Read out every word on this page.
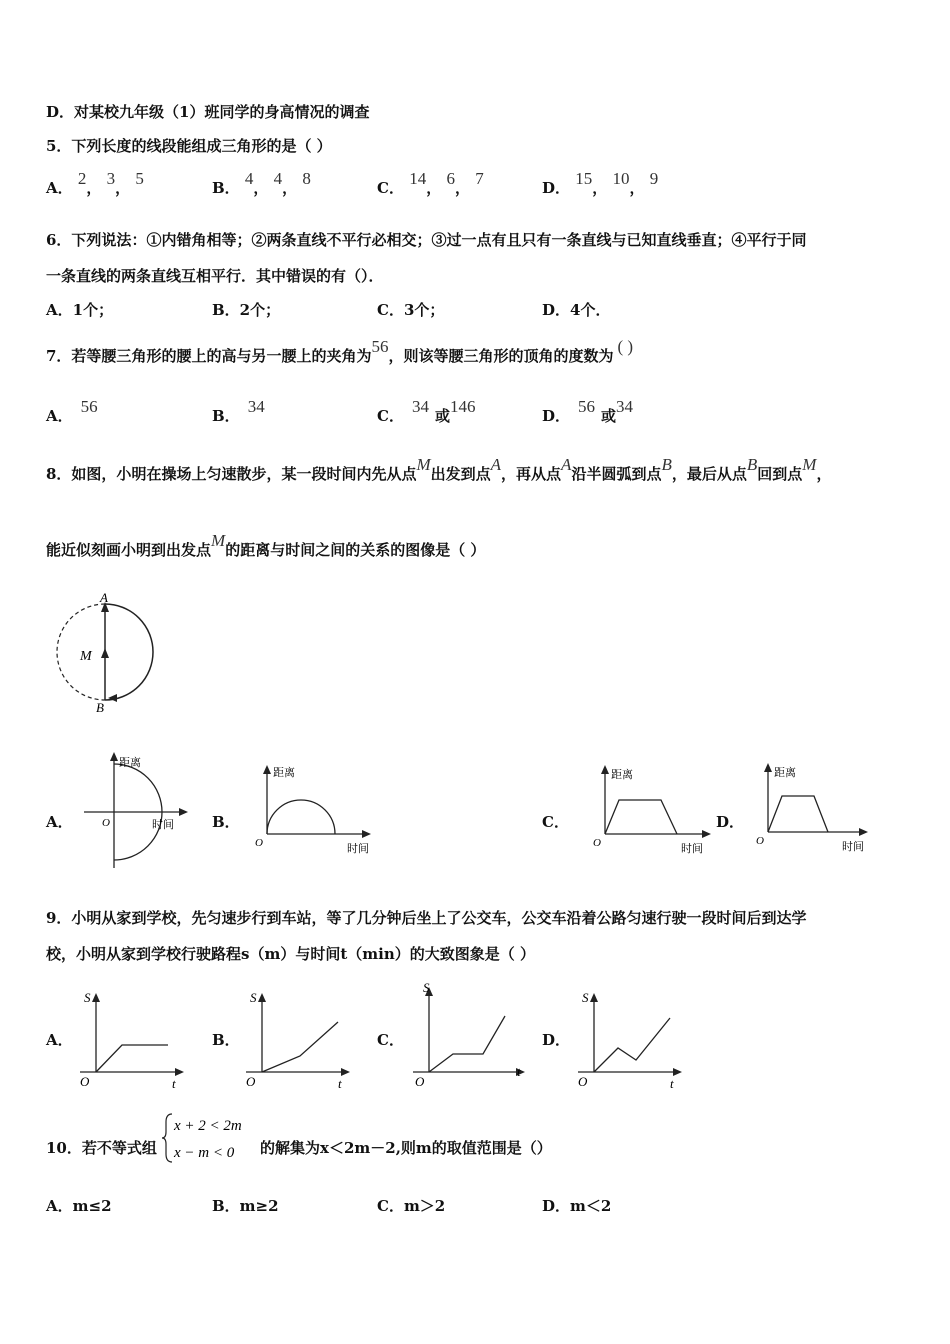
D．对某校九年级（1）班同学的身高情况的调查
5．下列长度的线段能组成三角形的是（ ）
A． 2， 3， 5	B． 4， 4， 8	C． 14， 6， 7	D． 15， 10， 9
6．下列说法：①内错角相等；②两条直线不平行必相交；③过一点有且只有一条直线与已知直线垂直；④平行于同
一条直线的两条直线互相平行．其中错误的有（）．
A．1个；	B．2个；	C．3个；	D．4个．
7．若等腰三角形的腰上的高与另一腰上的夹角为56，则该等腰三角形的顶角的度数为 ( )
A． 56	B． 34	C． 34 或146	D． 56 或34
8．如图，小明在操场上匀速散步，某一段时间内先从点M出发到点A，再从点A沿半圆弧到点B，最后从点B回到点M，
能近似刻画小明到出发点M的距离与时间之间的关系的图像是（ ）
A
M
B
A．
距离
O	时间	B．
距离
O	时间
C．
距离
O	时间
D．
距离
O	时间
9．小明从家到学校，先匀速步行到车站，等了几分钟后坐上了公交车，公交车沿着公路匀速行驶一段时间后到达学
校，小明从家到学校行驶路程s（m）与时间t（min）的大致图象是（ ）
A．
S
O	t
B．
S
O	t
C．
S
O
t
D．
S
O	t
10．若不等式组
x + 2 < 2m
x − m < 0 的解集为x＜2m－2,则m的取值范围是（）
A．m≤2	B．m≥2	C．m＞2	D．m＜2
